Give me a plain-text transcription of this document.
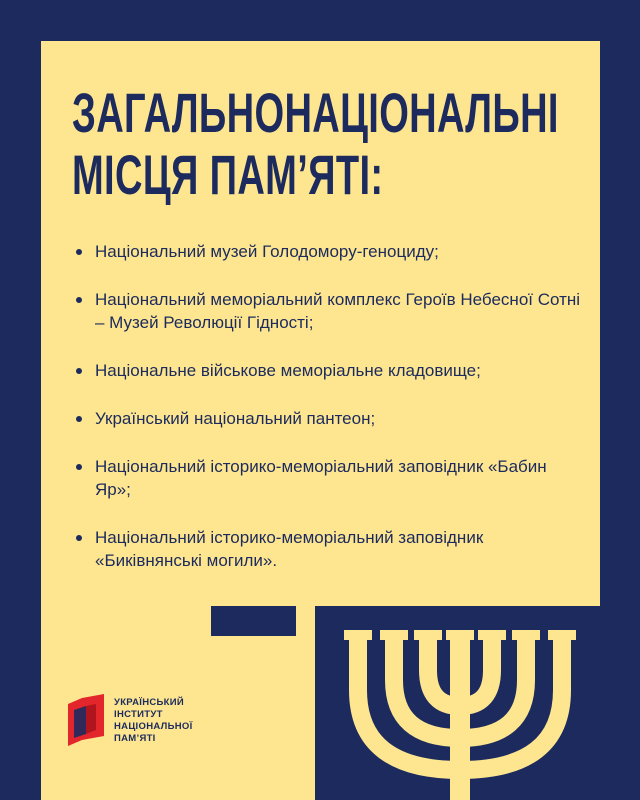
ЗАГАЛЬНОНАЦІОНАЛЬНІ
МІСЦЯ ПАМ’ЯТІ:
Національний музей Голодомору-геноциду;
Національний меморіальний комплекс Героїв Небесної Сотні – Музей Революції Гідності;
Національне військове меморіальне кладовище;
Український національний пантеон;
Національний історико-меморіальний заповідник «Бабин Яр»;
Національний історико-меморіальний заповідник «Биківнянські могили».
УКРАЇНСЬКИЙ
ІНСТИТУТ
НАЦІОНАЛЬНОЇ
ПАМ’ЯТІ
